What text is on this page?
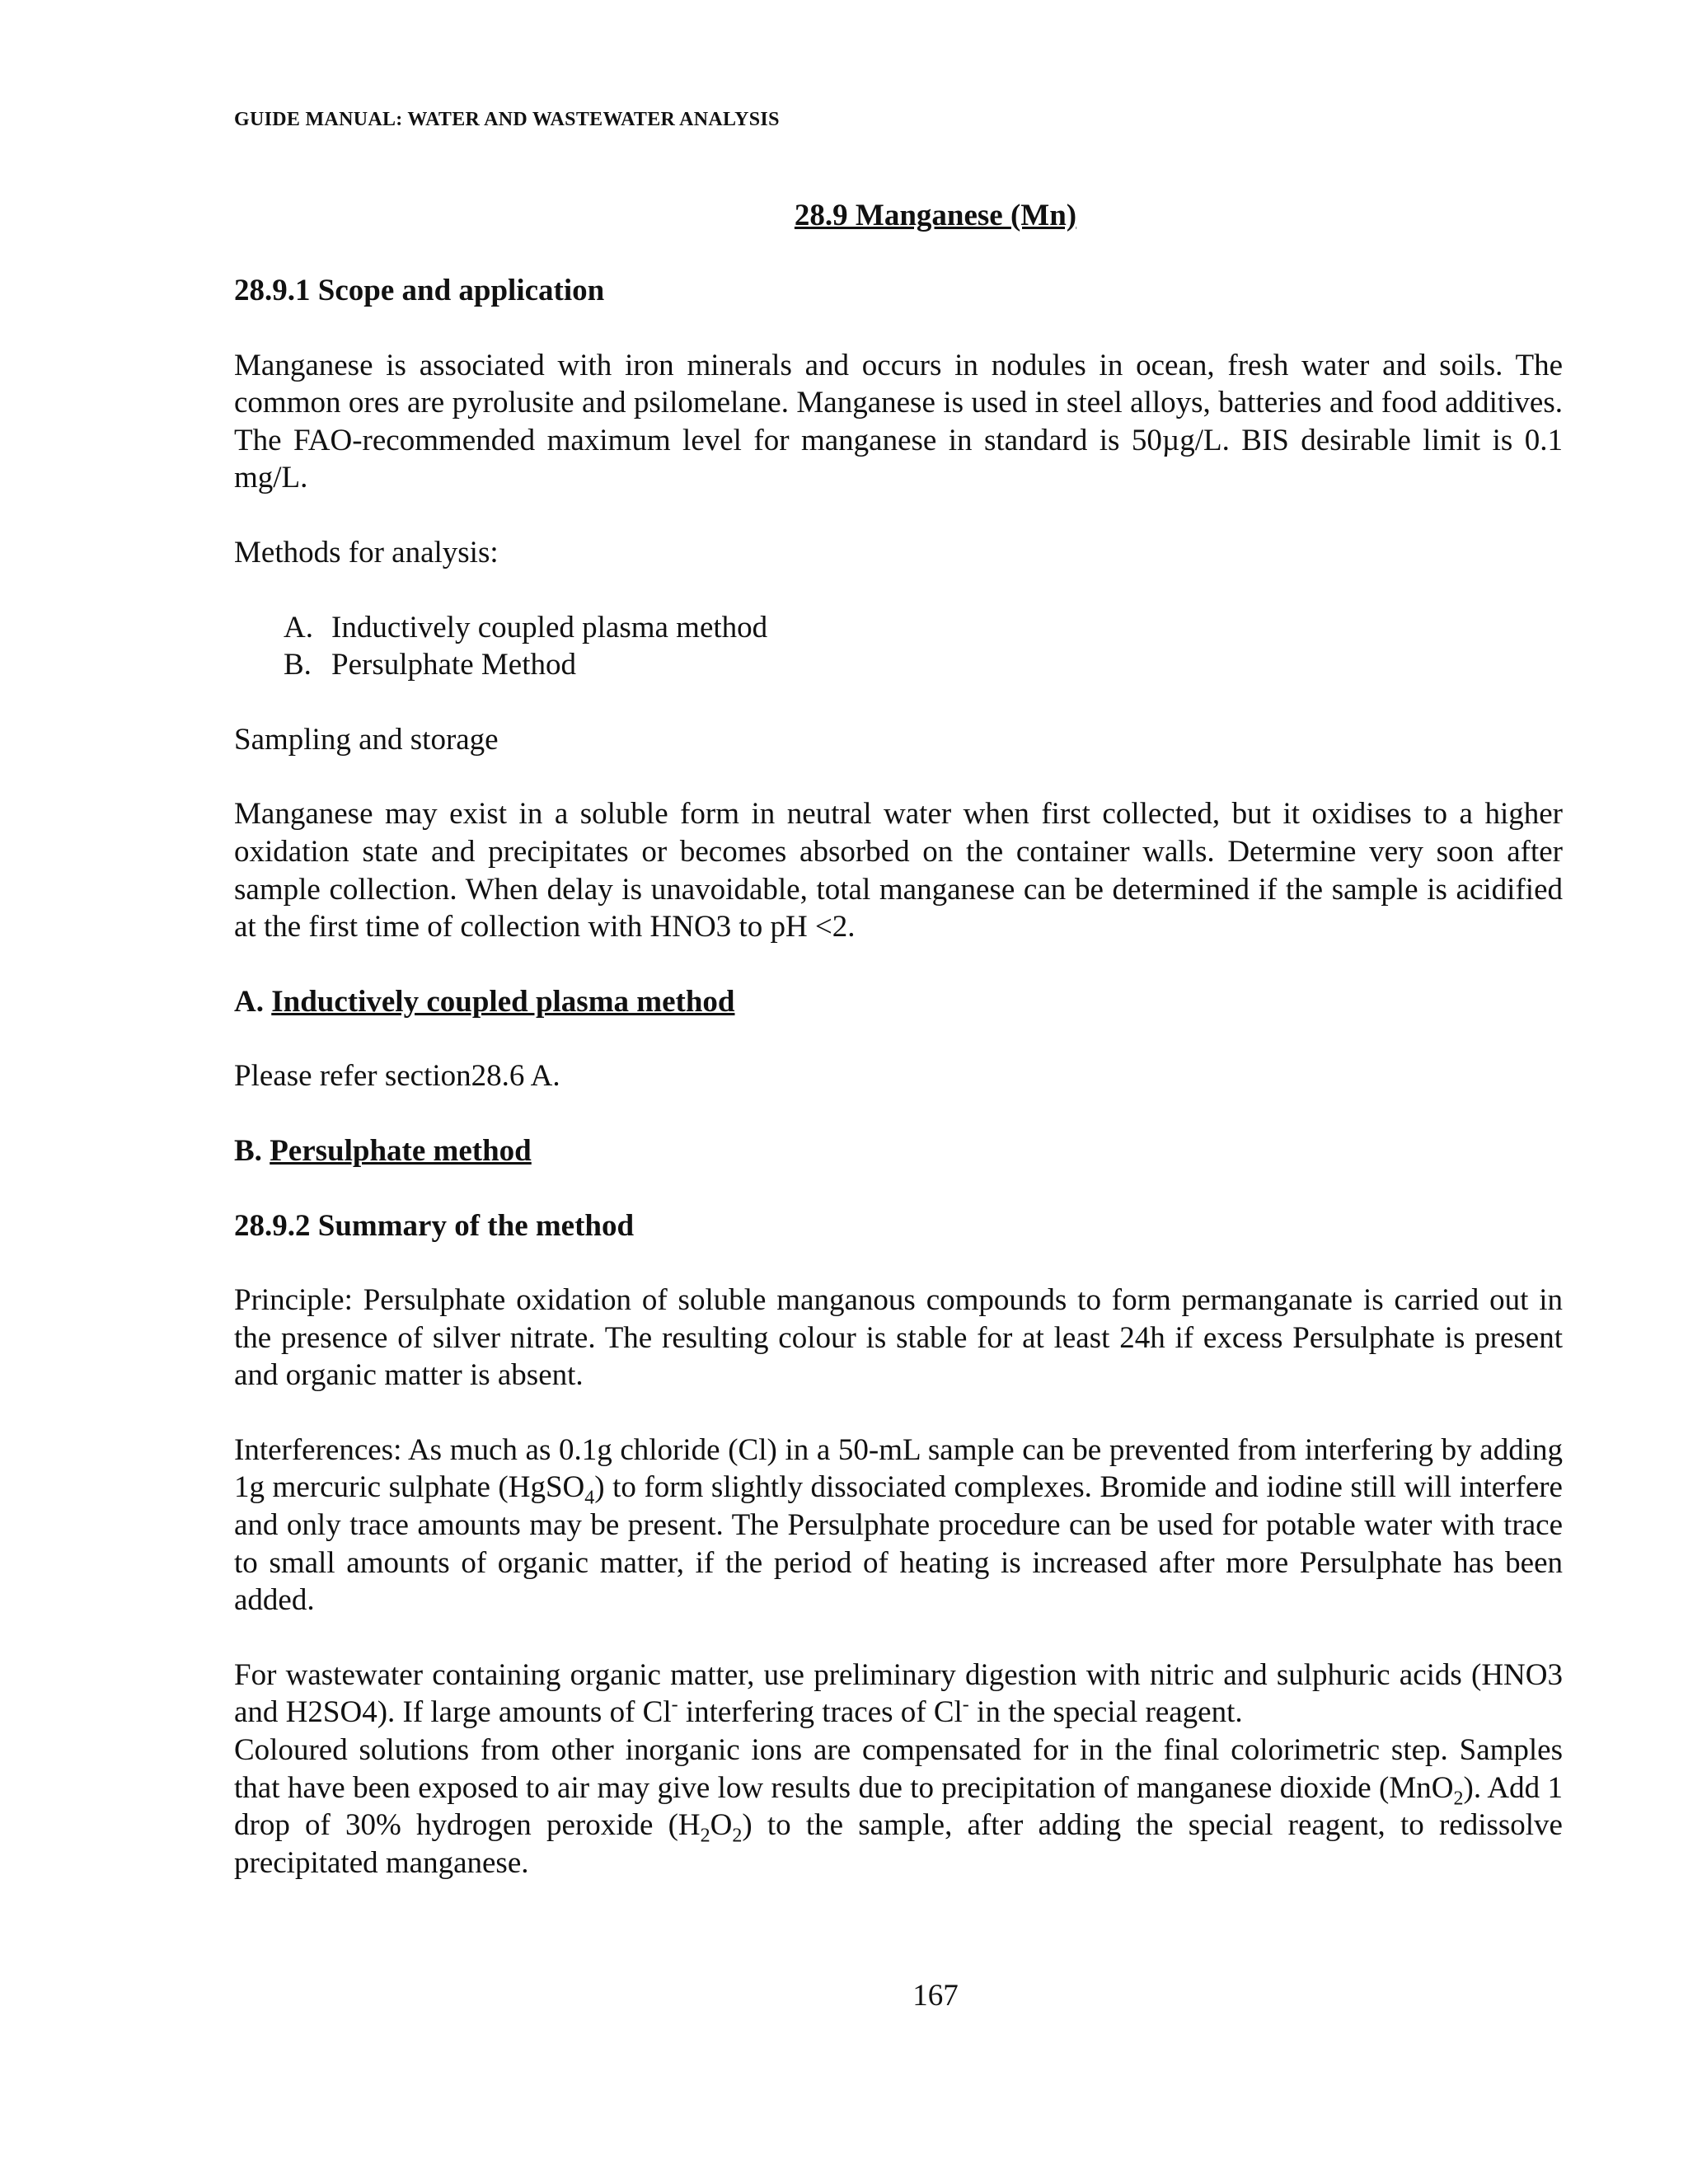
GUIDE MANUAL: WATER AND WASTEWATER ANALYSIS

28.9 Manganese (Mn)
28.9.1 Scope and application

Manganese is associated with iron minerals and occurs in nodules in ocean, fresh water and soils. The common ores are pyrolusite and psilomelane. Manganese is used in steel alloys, batteries and food additives. The FAO-recommended maximum level for manganese in standard is 50µg/L. BIS desirable limit is 0.1 mg/L.

Methods for analysis:

A. Inductively coupled plasma method
B. Persulphate Method

Sampling and storage

Manganese may exist in a soluble form in neutral water when first collected, but it oxidises to a higher oxidation state and precipitates or becomes absorbed on the container walls. Determine very soon after sample collection. When delay is unavoidable, total manganese can be determined if the sample is acidified at the first time of collection with HNO3 to pH <2.

A. Inductively coupled plasma method

Please refer section28.6 A.

B. Persulphate method
28.9.2 Summary of the method

Principle: Persulphate oxidation of soluble manganous compounds to form permanganate is carried out in the presence of silver nitrate. The resulting colour is stable for at least 24h if excess Persulphate is present and organic matter is absent.

Interferences: As much as 0.1g chloride (Cl) in a 50-mL sample can be prevented from interfering by adding 1g mercuric sulphate (HgSO$_4$) to form slightly dissociated complexes. Bromide and iodine still will interfere and only trace amounts may be present. The Persulphate procedure can be used for potable water with trace to small amounts of organic matter, if the period of heating is increased after more Persulphate has been added.

For wastewater containing organic matter, use preliminary digestion with nitric and sulphuric acids (HNO3 and H2SO4). If large amounts of Cl- interfering traces of Cl- in the special reagent.

Coloured solutions from other inorganic ions are compensated for in the final colorimetric step. Samples that have been exposed to air may give low results due to precipitation of manganese dioxide (MnO$_2$). Add 1 drop of 30% hydrogen peroxide $(H_2O_2)$ to the sample, after adding the special reagent, to redissolve precipitated manganese.

167
